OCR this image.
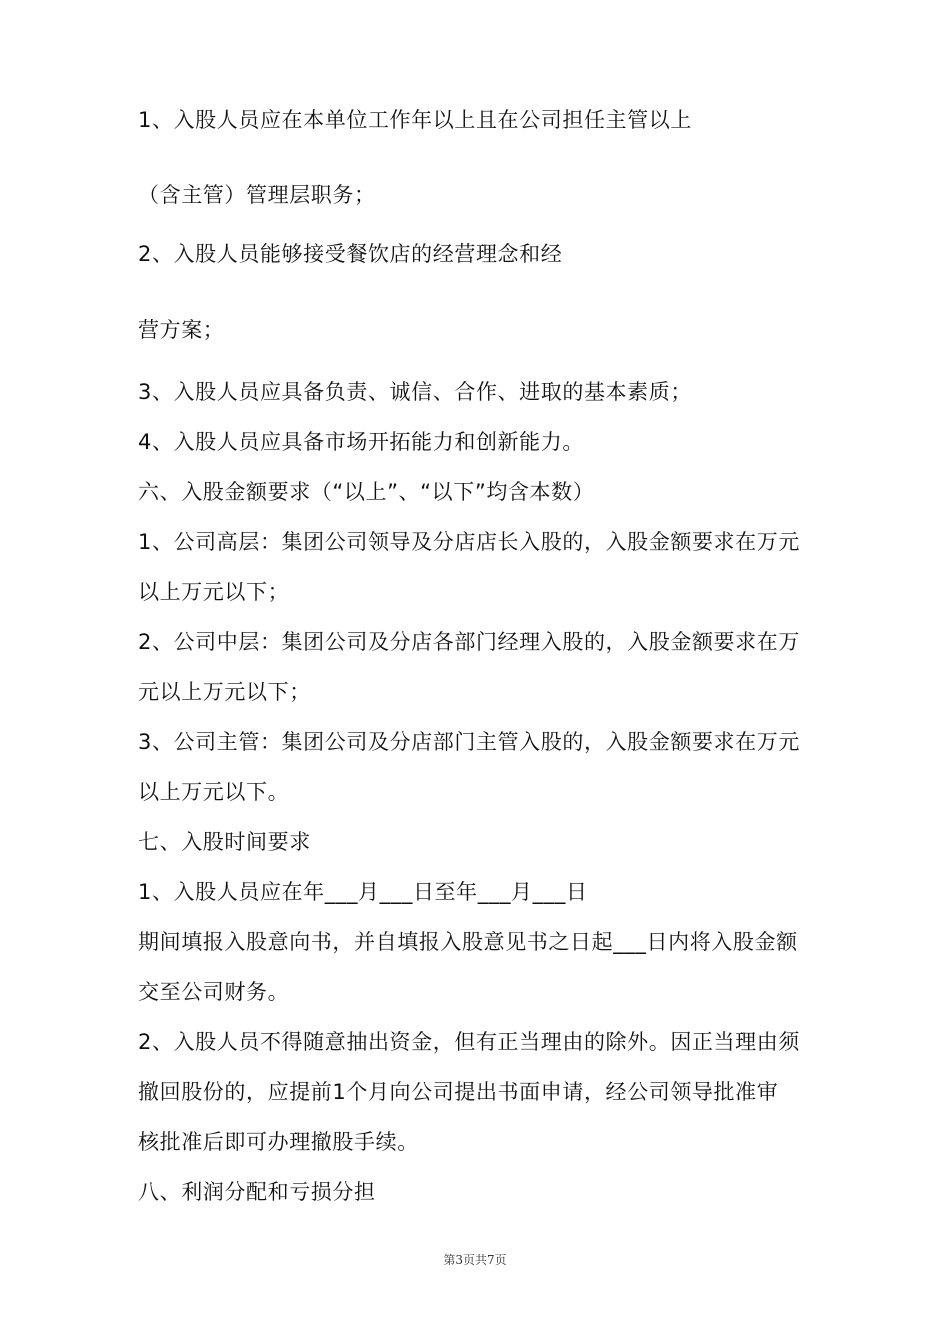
1、入股人员应在本单位工作年以上且在公司担任主管以上
（含主管）管理层职务；
2、入股人员能够接受餐饮店的经营理念和经
营方案；
3、入股人员应具备负责、诚信、合作、进取的基本素质；
4、入股人员应具备市场开拓能力和创新能力。
六、入股金额要求（“以上”、“以下”均含本数）
1、公司高层：集团公司领导及分店店长入股的，入股金额要求在万元
以上万元以下；
2、公司中层：集团公司及分店各部门经理入股的，入股金额要求在万
元以上万元以下；
3、公司主管：集团公司及分店部门主管入股的，入股金额要求在万元
以上万元以下。
七、入股时间要求
1、入股人员应在年___月___日至年___月___日
期间填报入股意向书，并自填报入股意见书之日起___日内将入股金额
交至公司财务。
2、入股人员不得随意抽出资金，但有正当理由的除外。因正当理由须
撤回股份的，应提前1个月向公司提出书面申请，经公司领导批准审
核批准后即可办理撤股手续。
八、利润分配和亏损分担
第3页共7页
